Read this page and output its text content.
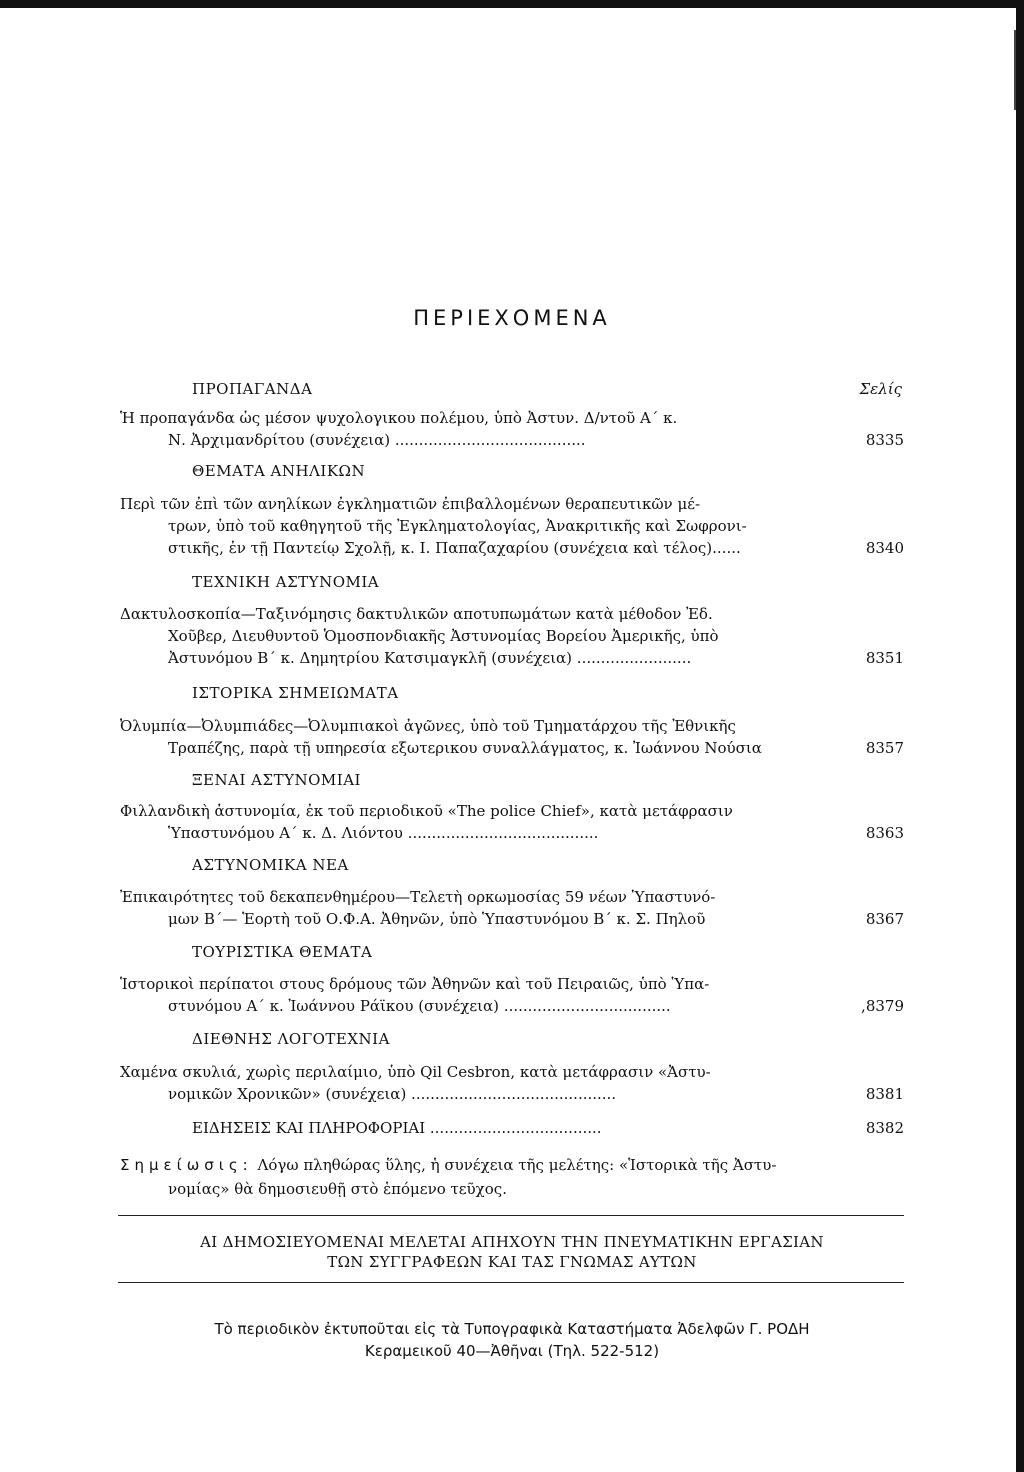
ΠΕΡΙΕΧΟΜΕΝΑ
ΠΡΟΠΑΓΑΝΔΑ	Σελίς
Ἡ προπαγάνδα ὡς μέσον ψυχολογικου πολέμου, ὑπὸ Ἀστυν. Δ/ντοῦ Α΄ κ.
Ν. Ἀρχιμανδρίτου (συνέχεια) ........................................	8335
ΘΕΜΑΤΑ ΑΝΗΛΙΚΩΝ
Περὶ τῶν ἐπὶ τῶν ανηλίκων ἐγκληματιῶν ἐπιβαλλομένων θεραπευτικῶν μέ-
τρων, ὑπὸ τοῦ καθηγητοῦ τῆς Ἐγκληματολογίας, Ἀνακριτικῆς καὶ Σωφρονι-
στικῆς, ἐν τῇ Παντείῳ Σχολῇ, κ. Ι. Παπαζαχαρίου (συνέχεια καὶ τέλος)......	8340
ΤΕΧΝΙΚΗ ΑΣΤΥΝΟΜΙΑ
Δακτυλοσκοπία—Ταξινόμησις δακτυλικῶν αποτυπωμάτων κατὰ μέθοδον Ἐδ.
Χοῦβερ, Διευθυντοῦ Ὁμοσπονδιακῆς Ἀστυνομίας Βορείου Ἀμερικῆς, ὑπὸ
Ἀστυνόμου Β΄ κ. Δημητρίου Κατσιμαγκλῆ (συνέχεια) ........................	8351
ΙΣΤΟΡΙΚΑ ΣΗΜΕΙΩΜΑΤΑ
Ὀλυμπία—Ὀλυμπιάδες—Ὀλυμπιακοὶ ἀγῶνες, ὑπὸ τοῦ Τμηματάρχου τῆς Ἐθνικῆς
Τραπέζης, παρὰ τῇ υπηρεσία εξωτερικου συναλλάγματος, κ. Ἰωάννου Νούσια	8357
ΞΕΝΑΙ ΑΣΤΥΝΟΜΙΑΙ
Φιλλανδικὴ ἀστυνομία, ἐκ τοῦ περιοδικοῦ «The police Chief», κατὰ μετάφρασιν
Ὑπαστυνόμου Α΄ κ. Δ. Λιόντου ........................................	8363
ΑΣΤΥΝΟΜΙΚΑ ΝΕΑ
Ἐπικαιρότητες τοῦ δεκαπενθημέρου—Τελετὴ ορκωμοσίας 59 νέων Ὑπαστυνό-
μων Β΄— Ἑορτὴ τοῦ Ο.Φ.Α. Ἀθηνῶν, ὑπὸ Ὑπαστυνόμου Β΄ κ. Σ. Πηλοῦ	8367
ΤΟΥΡΙΣΤΙΚΑ ΘΕΜΑΤΑ
Ἱστορικοὶ περίπατοι στους δρόμους τῶν Ἀθηνῶν καὶ τοῦ Πειραιῶς, ὑπὸ Ὑπα-
στυνόμου Α΄ κ. Ἰωάννου Ράϊκου (συνέχεια) ...................................	,8379
ΔΙΕΘΝΗΣ ΛΟΓΟΤΕΧΝΙΑ
Χαμένα σκυλιά, χωρὶς περιλαίμιο, ὑπὸ Qil Cesbron, κατὰ μετάφρασιν «Ἀστυ-
νομικῶν Χρονικῶν» (συνέχεια) ...........................................	8381
ΕΙΔΗΣΕΙΣ ΚΑΙ ΠΛΗΡΟΦΟΡΙΑΙ ....................................	8382
Σημείωσις: Λόγω πληθώρας ὕλης, ἡ συνέχεια τῆς μελέτης: «Ἱστορικὰ τῆς Ἀστυ-
νομίας» θὰ δημοσιευθῇ στὸ ἑπόμενο τεῦχος.
ΑΙ ΔΗΜΟΣΙΕΥΟΜΕΝΑΙ ΜΕΛΕΤΑΙ ΑΠΗΧΟΥΝ ΤΗΝ ΠΝΕΥΜΑΤΙΚΗΝ ΕΡΓΑΣΙΑΝ
ΤΩΝ ΣΥΓΓΡΑΦΕΩΝ ΚΑΙ ΤΑΣ ΓΝΩΜΑΣ ΑΥΤΩΝ
Τὸ περιοδικὸν ἐκτυποῦται εἰς τὰ Τυπογραφικὰ Καταστήματα Ἀδελφῶν Γ. ΡΟΔΗ
Κεραμεικοῦ 40—Ἀθῆναι (Τηλ. 522-512)
